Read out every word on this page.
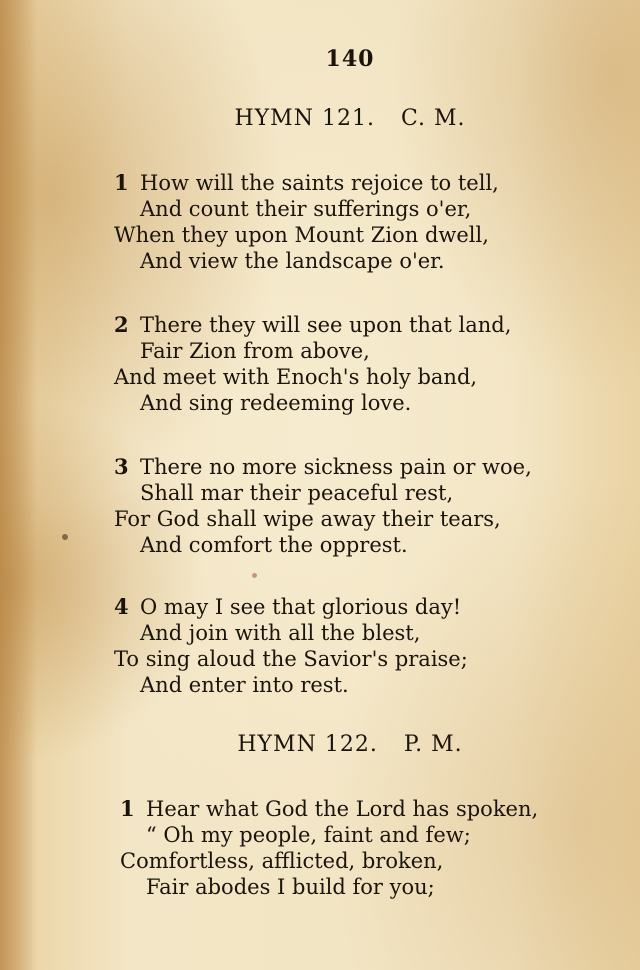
140
HYMN 121. C. M.
1 How will the saints rejoice to tell,
And count their sufferings o'er,
When they upon Mount Zion dwell,
And view the landscape o'er.
2 There they will see upon that land,
Fair Zion from above,
And meet with Enoch's holy band,
And sing redeeming love.
3 There no more sickness pain or woe,
Shall mar their peaceful rest,
For God shall wipe away their tears,
And comfort the opprest.
4 O may I see that glorious day!
And join with all the blest,
To sing aloud the Savior's praise;
And enter into rest.
HYMN 122. P. M.
1 Hear what God the Lord has spoken,
“ Oh my people, faint and few;
Comfortless, afflicted, broken,
Fair abodes I build for you;
